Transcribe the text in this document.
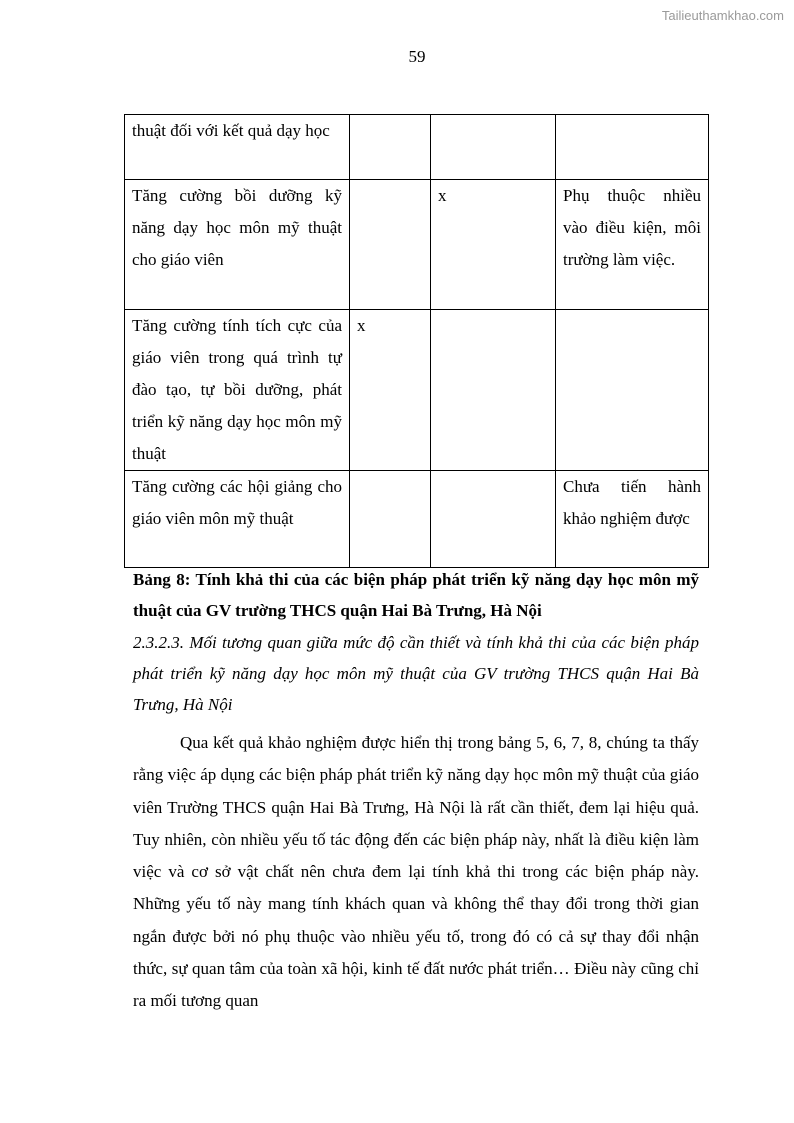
Tailieuthamkhao.com
59
thuật đối với kết quả dạy học			
Tăng cường bồi dưỡng kỹ năng dạy học môn mỹ thuật cho giáo viên		x	Phụ thuộc nhiều vào điều kiện, môi trường làm việc.
Tăng cường tính tích cực của giáo viên trong quá trình tự đào tạo, tự bồi dưỡng, phát triển kỹ năng dạy học môn mỹ thuật	x		
Tăng cường các hội giảng cho giáo viên môn mỹ thuật			Chưa tiến hành khảo nghiệm được
Bảng 8: Tính khả thi của các biện pháp phát triển kỹ năng dạy học môn mỹ thuật của GV trường THCS quận Hai Bà Trưng, Hà Nội
2.3.2.3. Mối tương quan giữa mức độ cần thiết và tính khả thi của các biện pháp phát triển kỹ năng dạy học môn mỹ thuật của GV trường THCS quận Hai Bà Trưng, Hà Nội

Qua kết quả khảo nghiệm được hiển thị trong bảng 5, 6, 7, 8, chúng ta thấy rằng việc áp dụng các biện pháp phát triển kỹ năng dạy học môn mỹ thuật của giáo viên Trường THCS quận Hai Bà Trưng, Hà Nội là rất cần thiết, đem lại hiệu quả. Tuy nhiên, còn nhiều yếu tố tác động đến các biện pháp này, nhất là điều kiện làm việc và cơ sở vật chất nên chưa đem lại tính khả thi trong các biện pháp này. Những yếu tố này mang tính khách quan và không thể thay đổi trong thời gian ngắn được bởi nó phụ thuộc vào nhiều yếu tố, trong đó có cả sự thay đổi nhận thức, sự quan tâm của toàn xã hội, kinh tế đất nước phát triển… Điều này cũng chỉ ra mối tương quan
